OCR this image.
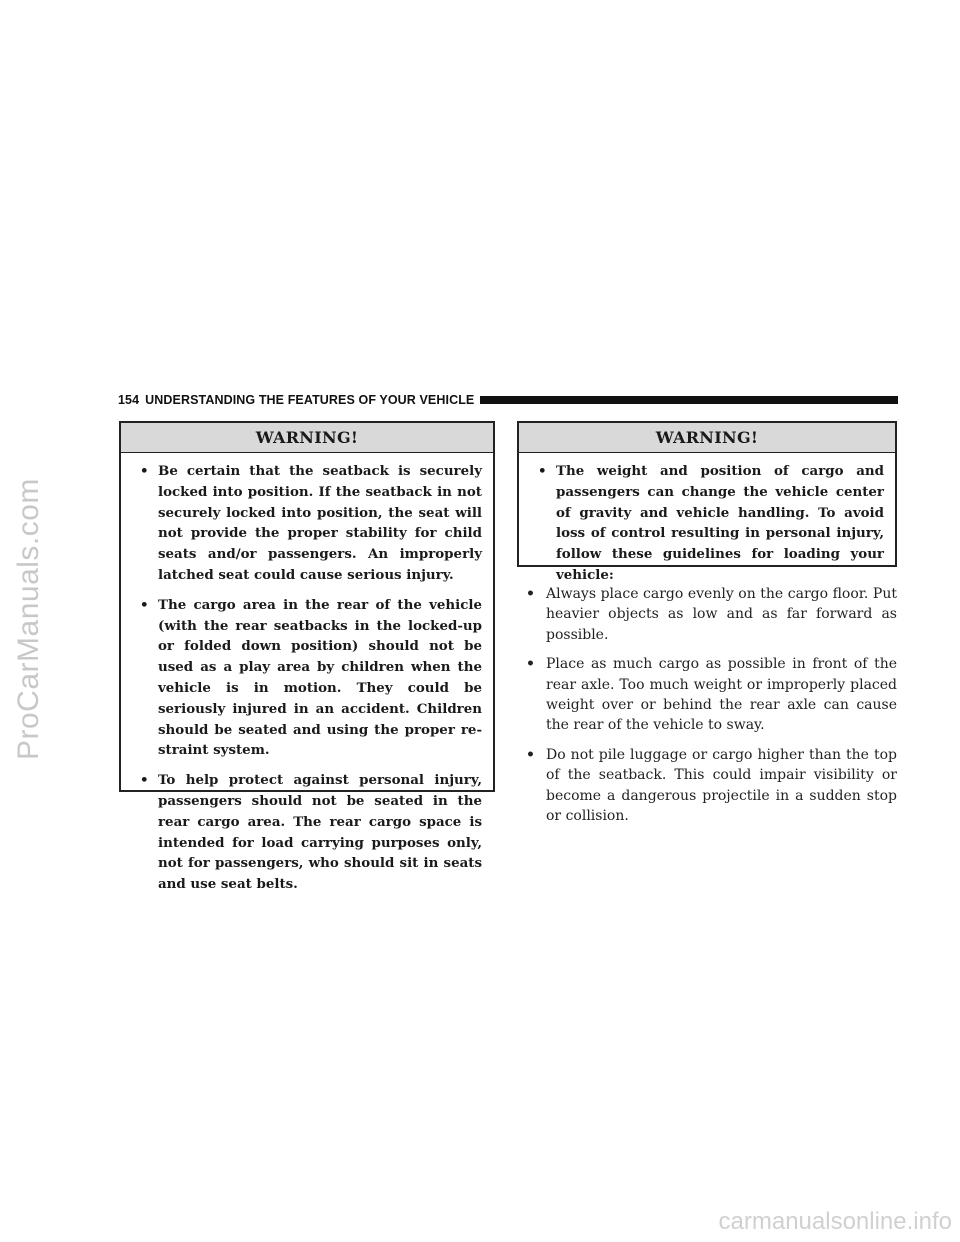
ProCarManuals.com
carmanualsonline.info
154 UNDERSTANDING THE FEATURES OF YOUR VEHICLE
WARNING!
• Be certain that the seatback is securely locked into position. If the seatback in not securely locked into position, the seat will not provide the proper stability for child seats and/or passengers. An improperly latched seat could cause serious injury.
• The cargo area in the rear of the vehicle (with the rear seatbacks in the locked-up or folded down position) should not be used as a play area by children when the vehicle is in motion. They could be seriously injured in an accident. Children should be seated and using the proper restraint system.
• To help protect against personal injury, passengers should not be seated in the rear cargo area. The rear cargo space is intended for load carrying purposes only, not for passengers, who should sit in seats and use seat belts.
WARNING!
• The weight and position of cargo and passengers can change the vehicle center of gravity and vehicle handling. To avoid loss of control resulting in personal injury, follow these guidelines for loading your vehicle:
• Always place cargo evenly on the cargo floor. Put heavier objects as low and as far forward as possible.
• Place as much cargo as possible in front of the rear axle. Too much weight or improperly placed weight over or behind the rear axle can cause the rear of the vehicle to sway.
• Do not pile luggage or cargo higher than the top of the seatback. This could impair visibility or become a dangerous projectile in a sudden stop or collision.
